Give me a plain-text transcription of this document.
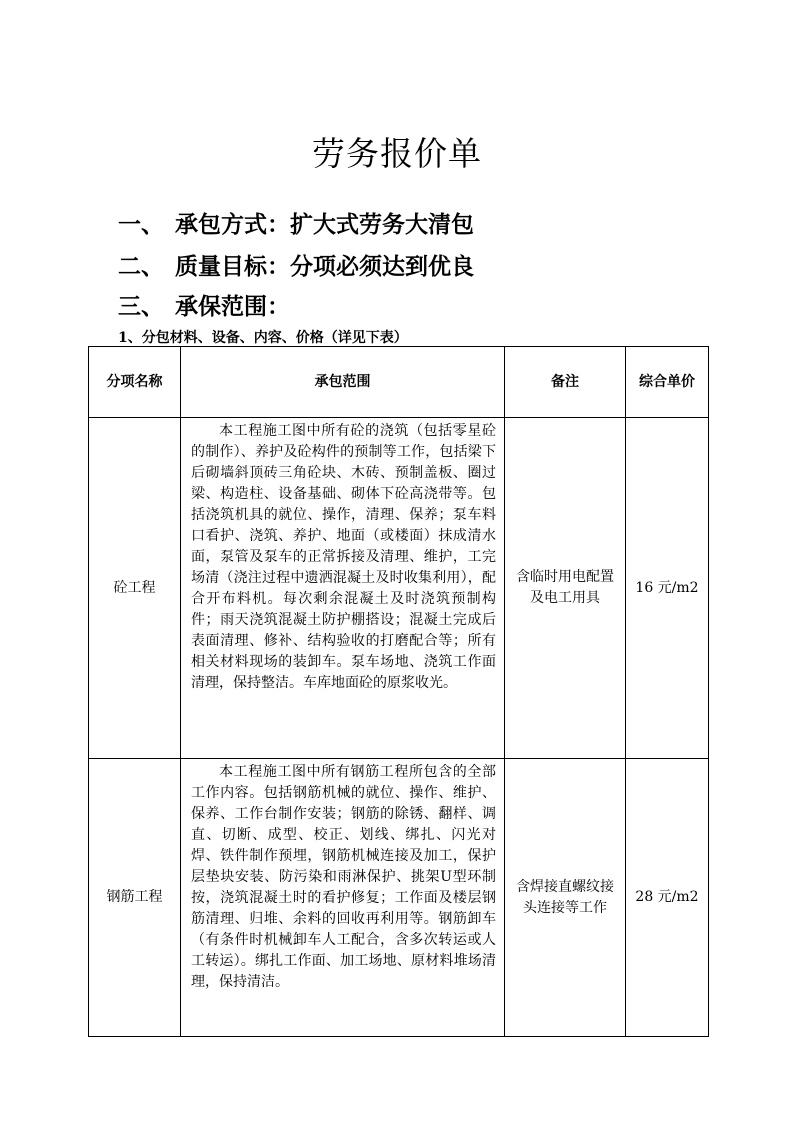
劳务报价单
一、 承包方式：扩大式劳务大清包
二、 质量目标：分项必须达到优良
三、 承保范围：
1、分包材料、设备、内容、价格（详见下表）
分项名称	承包范围	备注	综合单价
砼工程	本工程施工图中所有砼的浇筑（包括零星砼的制作）、养护及砼构件的预制等工作，包括梁下后砌墙斜顶砖三角砼块、木砖、预制盖板、圈过梁、构造柱、设备基础、砌体下砼高浇带等。包括浇筑机具的就位、操作，清理、保养；泵车料口看护、浇筑、养护、地面（或楼面）抹成清水面，泵管及泵车的正常拆接及清理、维护，工完场清（浇注过程中遗洒混凝土及时收集利用），配合开布料机。每次剩余混凝土及时浇筑预制构件；雨天浇筑混凝土防护棚搭设；混凝土完成后表面清理、修补、结构验收的打磨配合等；所有相关材料现场的装卸车。泵车场地、浇筑工作面清理，保持整洁。车库地面砼的原浆收光。	含临时用电配置及电工用具	16 元/m2
钢筋工程	本工程施工图中所有钢筋工程所包含的全部工作内容。包括钢筋机械的就位、操作、维护、保养、工作台制作安装；钢筋的除锈、翻样、调直、切断、成型、校正、划线、绑扎、闪光对焊、铁件制作预埋，钢筋机械连接及加工，保护层垫块安装、防污染和雨淋保护、挑架U型环制按，浇筑混凝土时的看护修复；工作面及楼层钢筋清理、归堆、余料的回收再利用等。钢筋卸车（有条件时机械卸车人工配合，含多次转运或人工转运）。绑扎工作面、加工场地、原材料堆场清理，保持清洁。	含焊接直螺纹接头连接等工作	28 元/m2
